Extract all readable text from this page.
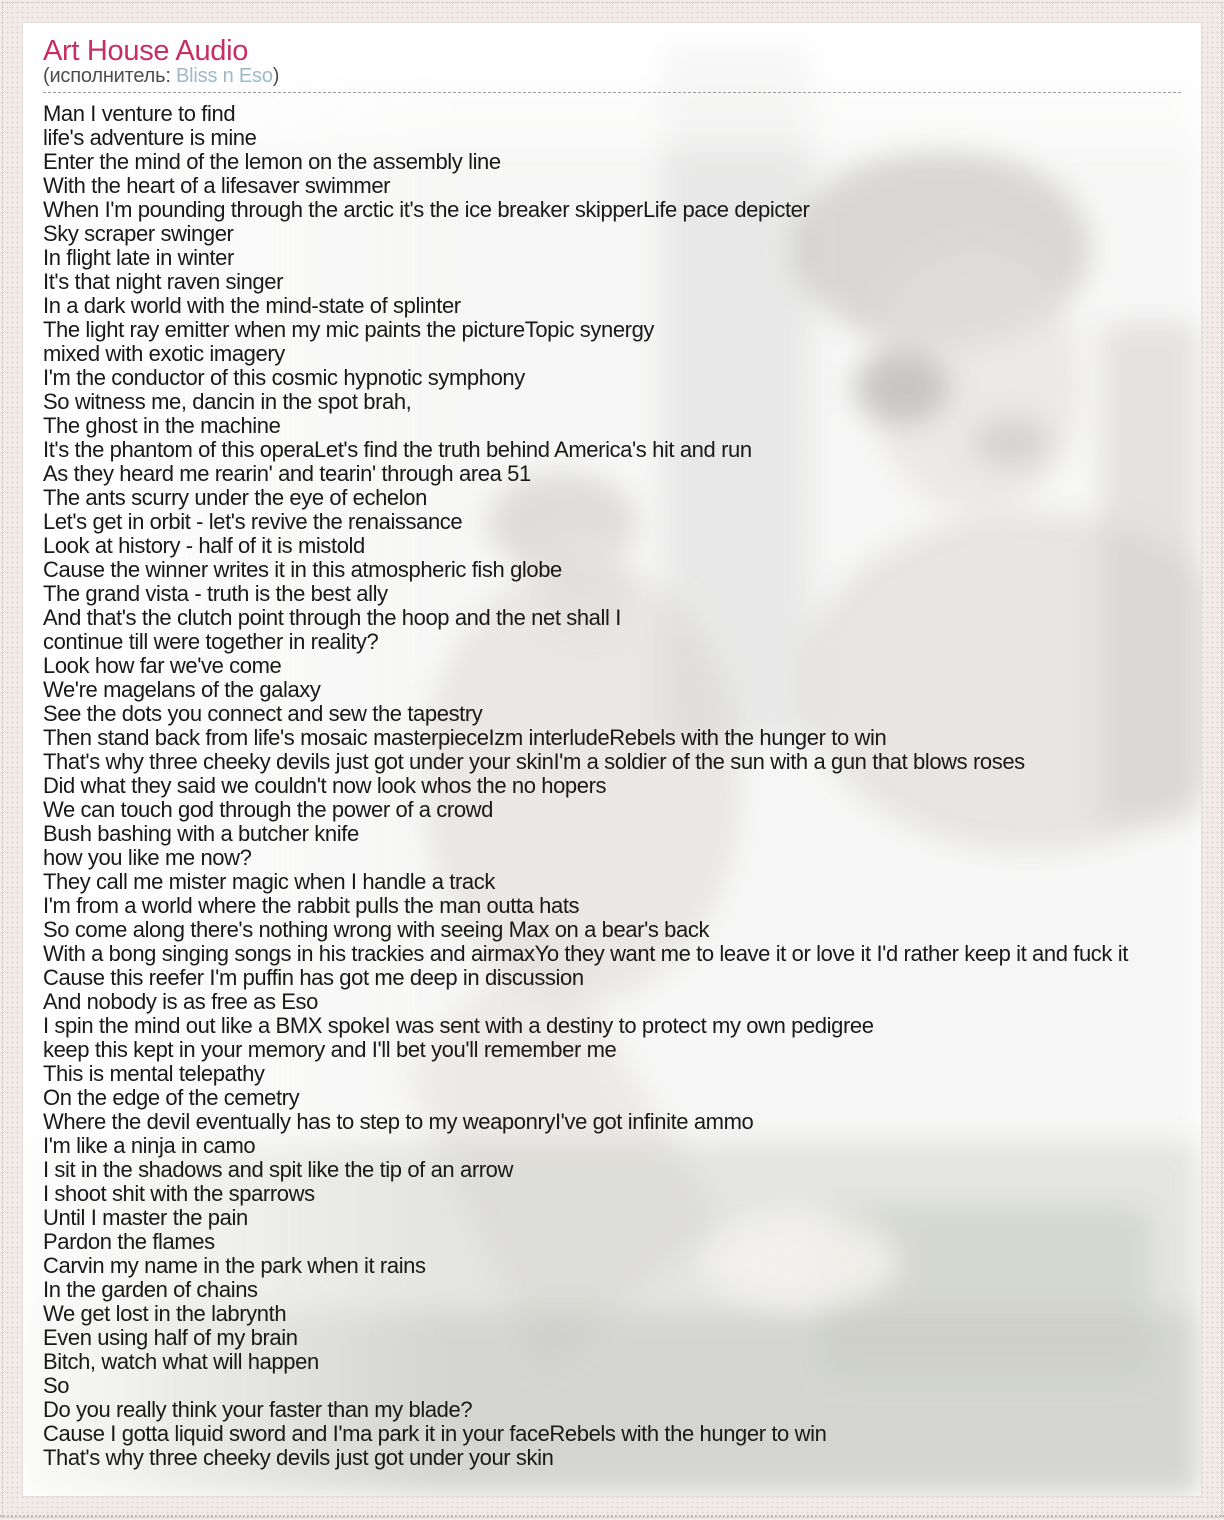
Art House Audio
(исполнитель: Bliss n Eso)
Man I venture to find
life's adventure is mine
Enter the mind of the lemon on the assembly line
With the heart of a lifesaver swimmer
When I'm pounding through the arctic it's the ice breaker skipperLife pace depicter
Sky scraper swinger
In flight late in winter
It's that night raven singer
In a dark world with the mind-state of splinter
The light ray emitter when my mic paints the pictureTopic synergy
mixed with exotic imagery
I'm the conductor of this cosmic hypnotic symphony
So witness me, dancin in the spot brah,
The ghost in the machine
It's the phantom of this operaLet's find the truth behind America's hit and run
As they heard me rearin' and tearin' through area 51
The ants scurry under the eye of echelon
Let's get in orbit - let's revive the renaissance
Look at history - half of it is mistold
Cause the winner writes it in this atmospheric fish globe
The grand vista - truth is the best ally
And that's the clutch point through the hoop and the net shall I
continue till were together in reality?
Look how far we've come
We're magelans of the galaxy
See the dots you connect and sew the tapestry
Then stand back from life's mosaic masterpieceIzm interludeRebels with the hunger to win
That's why three cheeky devils just got under your skinI'm a soldier of the sun with a gun that blows roses
Did what they said we couldn't now look whos the no hopers
We can touch god through the power of a crowd
Bush bashing with a butcher knife
how you like me now?
They call me mister magic when I handle a track
I'm from a world where the rabbit pulls the man outta hats
So come along there's nothing wrong with seeing Max on a bear's back
With a bong singing songs in his trackies and airmaxYo they want me to leave it or love it I'd rather keep it and fuck it
Cause this reefer I'm puffin has got me deep in discussion
And nobody is as free as Eso
I spin the mind out like a BMX spokeI was sent with a destiny to protect my own pedigree
keep this kept in your memory and I'll bet you'll remember me
This is mental telepathy
On the edge of the cemetry
Where the devil eventually has to step to my weaponryI've got infinite ammo
I'm like a ninja in camo
I sit in the shadows and spit like the tip of an arrow
I shoot shit with the sparrows
Until I master the pain
Pardon the flames
Carvin my name in the park when it rains
In the garden of chains
We get lost in the labrynth
Even using half of my brain
Bitch, watch what will happen
So
Do you really think your faster than my blade?
Cause I gotta liquid sword and I'ma park it in your face​Rebels with the hunger to win
That's why three cheeky devils just got under your skin
